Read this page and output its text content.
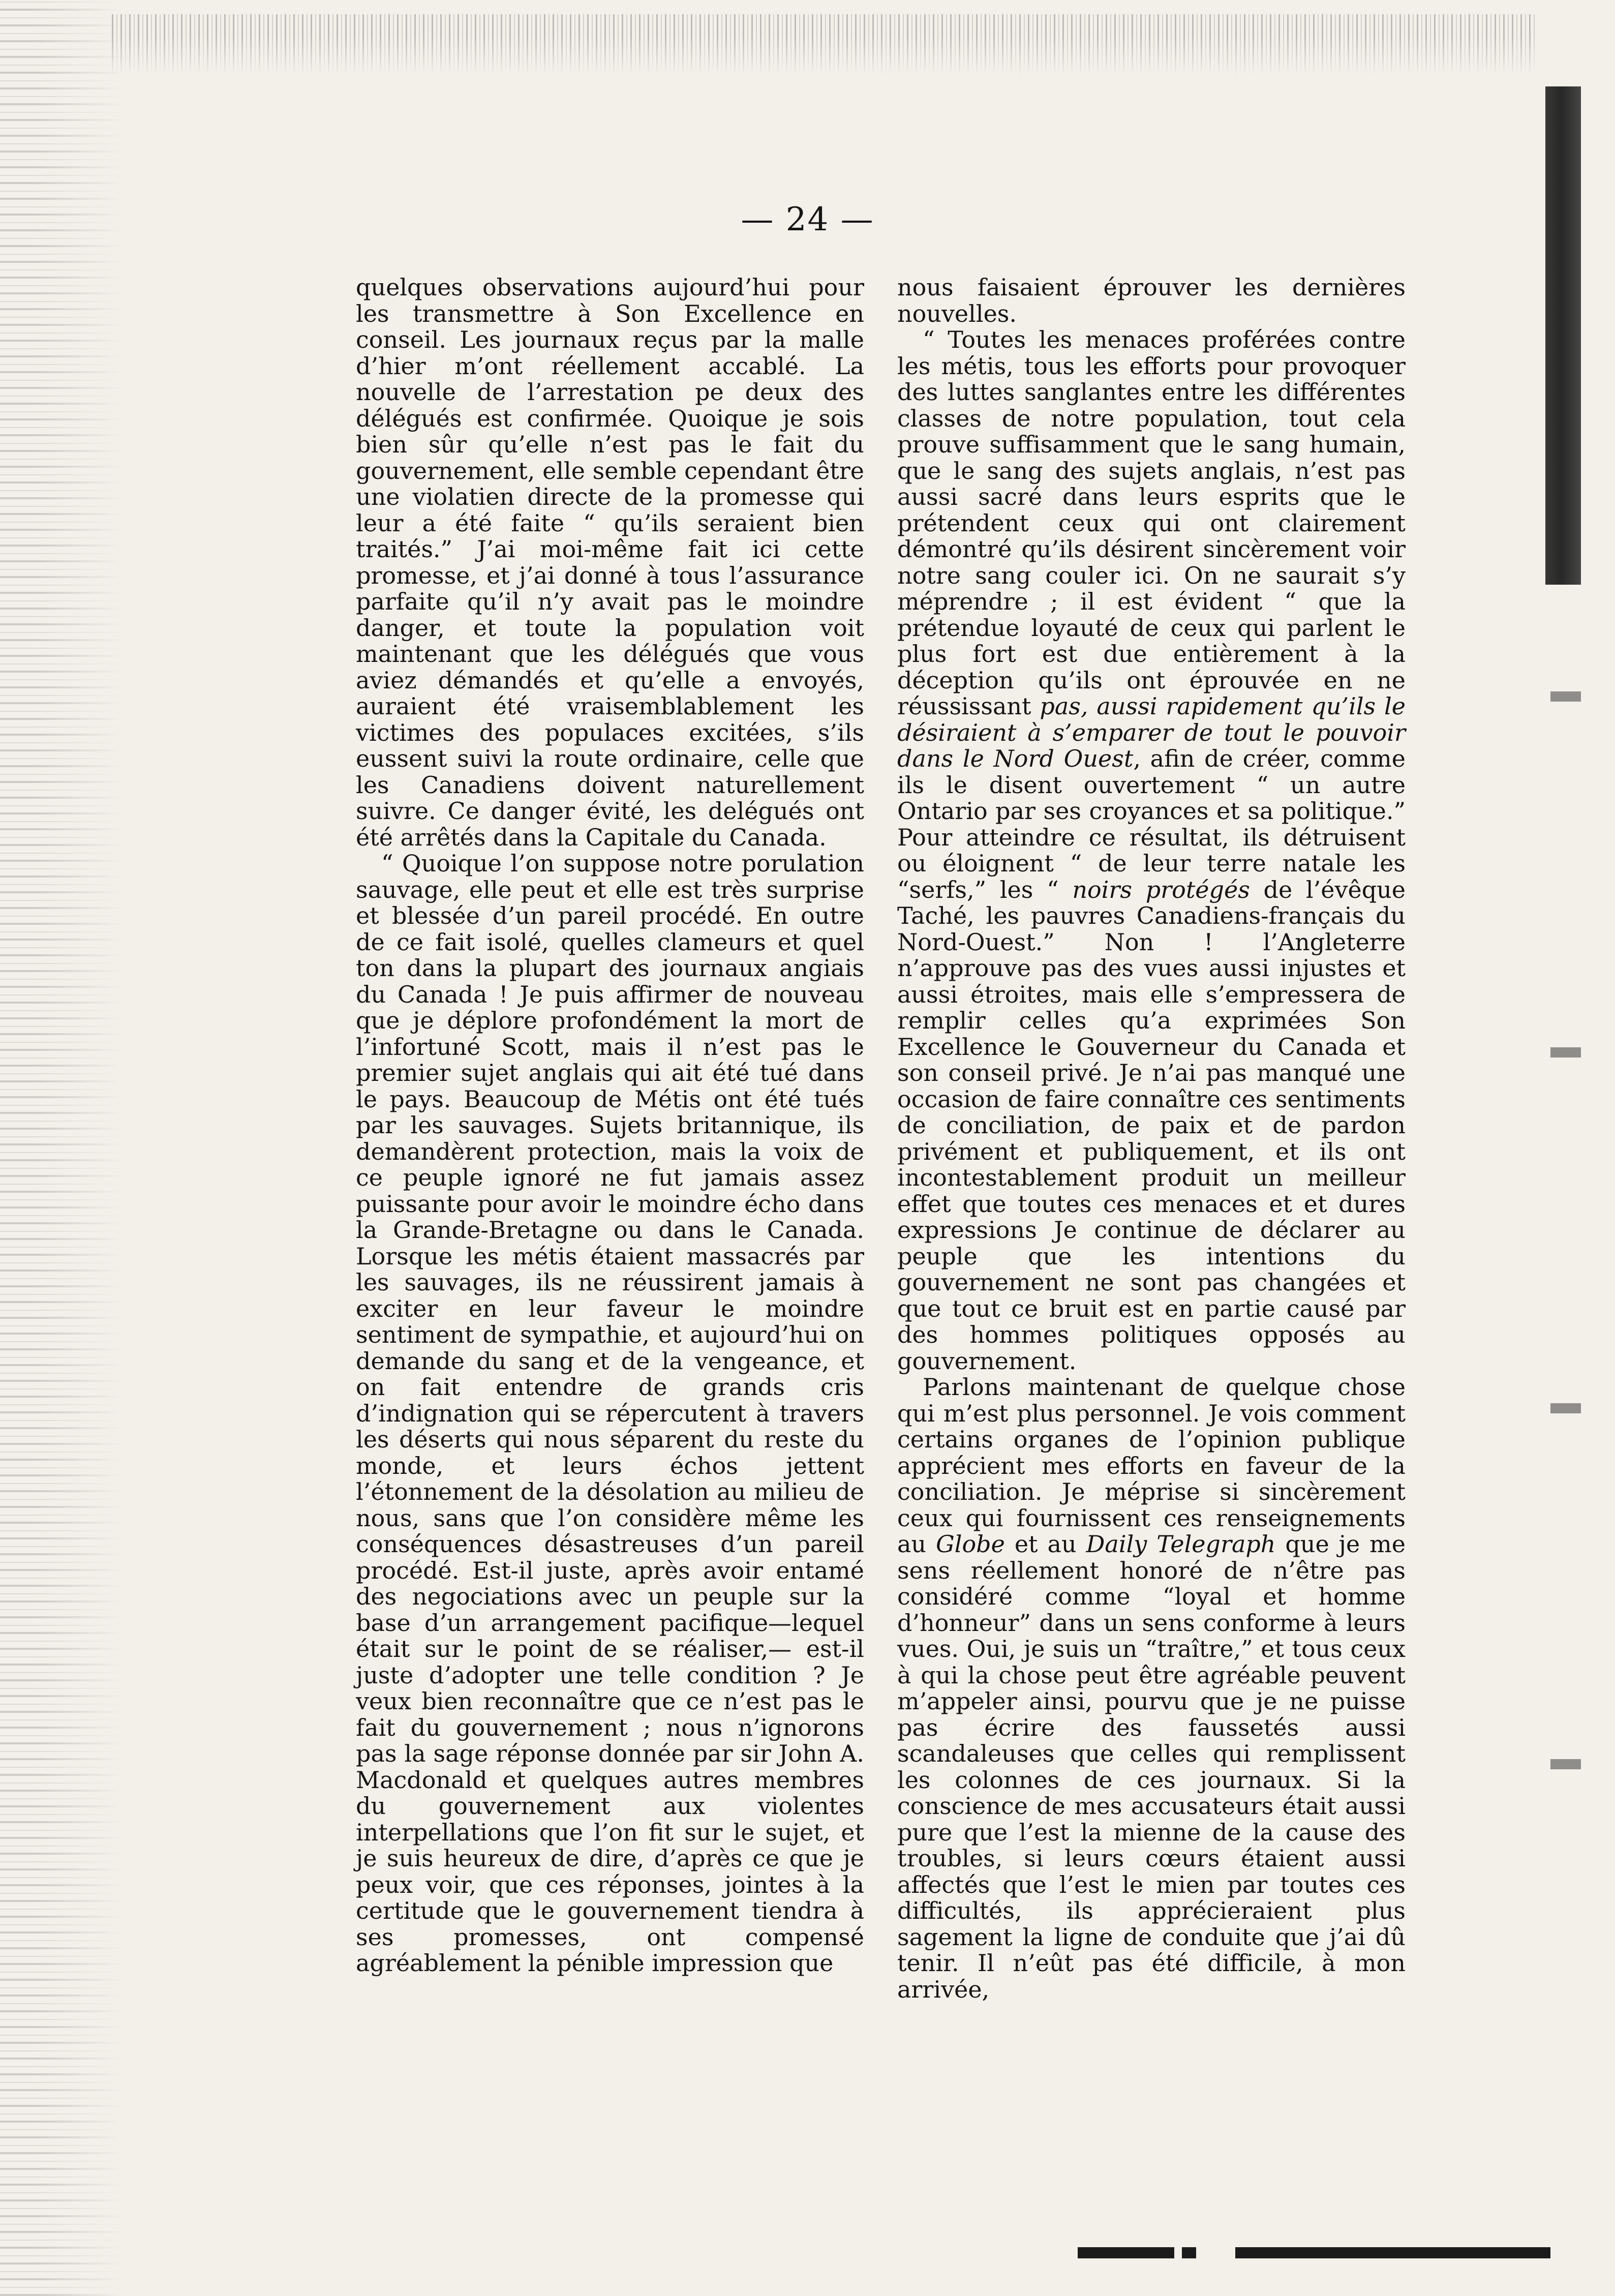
— 24 —

quelques observations aujourd’hui pour les transmettre à Son Excellence en conseil. Les journaux reçus par la malle d’hier m’ont réellement accablé. La nouvelle de l’arrestation pe deux des délégués est confirmée. Quoique je sois bien sûr qu’elle n’est pas le fait du gouvernement, elle semble cependant être une violatien directe de la promesse qui leur a été faite “ qu’ils seraient bien traités.” J’ai moi-même fait ici cette promesse, et j’ai donné à tous l’assurance parfaite qu’il n’y avait pas le moindre danger, et toute la population voit maintenant que les délégués que vous aviez démandés et qu’elle a envoyés, auraient été vraisemblablement les victimes des populaces excitées, s’ils eussent suivi la route ordinaire, celle que les Canadiens doivent naturellement suivre. Ce danger évité, les delégués ont été arrêtés dans la Capitale du Canada.

“ Quoique l’on suppose notre porulation sauvage, elle peut et elle est très surprise et blessée d’un pareil procédé. En outre de ce fait isolé, quelles clameurs et quel ton dans la plupart des journaux angiais du Canada ! Je puis affirmer de nouveau que je déplore profondément la mort de l’infortuné Scott, mais il n’est pas le premier sujet anglais qui ait été tué dans le pays. Beaucoup de Métis ont été tués par les sauvages. Sujets britannique, ils demandèrent protection, mais la voix de ce peuple ignoré ne fut jamais assez puissante pour avoir le moindre écho dans la Grande-Bretagne ou dans le Canada. Lorsque les métis étaient massacrés par les sauvages, ils ne réussirent jamais à exciter en leur faveur le moindre sentiment de sympathie, et aujourd’hui on demande du sang et de la vengeance, et on fait entendre de grands cris d’indignation qui se répercutent à travers les déserts qui nous séparent du reste du monde, et leurs échos jettent l’étonnement de la désolation au milieu de nous, sans que l’on considère même les conséquences désastreuses d’un pareil procédé. Est-il juste, après avoir entamé des negociations avec un peuple sur la base d’un arrangement pacifique—lequel était sur le point de se réaliser,— est-il juste d’adopter une telle condition ? Je veux bien reconnaître que ce n’est pas le fait du gouvernement ; nous n’ignorons pas la sage réponse donnée par sir John A. Macdonald et quelques autres membres du gouvernement aux violentes interpellations que l’on fit sur le sujet, et je suis heureux de dire, d’après ce que je peux voir, que ces réponses, jointes à la certitude que le gouvernement tiendra à ses promesses, ont compensé agréablement la pénible impression que

nous faisaient éprouver les dernières nouvelles.

“ Toutes les menaces proférées contre les métis, tous les efforts pour provoquer des luttes sanglantes entre les différentes classes de notre population, tout cela prouve suffisamment que le sang humain, que le sang des sujets anglais, n’est pas aussi sacré dans leurs esprits que le prétendent ceux qui ont clairement démontré qu’ils désirent sincèrement voir notre sang couler ici. On ne saurait s’y méprendre ; il est évident “ que la prétendue loyauté de ceux qui parlent le plus fort est due entièrement à la déception qu’ils ont éprouvée en ne réussissant pas, aussi rapidement qu’ils le désiraient à s’emparer de tout le pouvoir dans le Nord Ouest, afin de créer, comme ils le disent ouvertement “ un autre Ontario par ses croyances et sa politique.” Pour atteindre ce résultat, ils détruisent ou éloignent “ de leur terre natale les “serfs,” les “ noirs protégés de l’évêque Taché, les pauvres Canadiens-français du Nord-Ouest.” Non ! l’Angleterre n’approuve pas des vues aussi injustes et aussi étroites, mais elle s’empressera de remplir celles qu’a exprimées Son Excellence le Gouverneur du Canada et son conseil privé. Je n’ai pas manqué une occasion de faire connaître ces sentiments de conciliation, de paix et de pardon privément et publiquement, et ils ont incontestablement produit un meilleur effet que toutes ces menaces et et dures expressions Je continue de déclarer au peuple que les intentions du gouvernement ne sont pas changées et que tout ce bruit est en partie causé par des hommes politiques opposés au gouvernement.

Parlons maintenant de quelque chose qui m’est plus personnel. Je vois comment certains organes de l’opinion publique apprécient mes efforts en faveur de la conciliation. Je méprise si sincèrement ceux qui fournissent ces renseignements au Globe et au Daily Telegraph que je me sens réellement honoré de n’être pas considéré comme “loyal et homme d’honneur” dans un sens conforme à leurs vues. Oui, je suis un “traître,” et tous ceux à qui la chose peut être agréable peuvent m’appeler ainsi, pourvu que je ne puisse pas écrire des faussetés aussi scandaleuses que celles qui remplissent les colonnes de ces journaux. Si la conscience de mes accusateurs était aussi pure que l’est la mienne de la cause des troubles, si leurs cœurs étaient aussi affectés que l’est le mien par toutes ces difficultés, ils apprécieraient plus sagement la ligne de conduite que j’ai dû tenir. Il n’eût pas été difficile, à mon arrivée,
